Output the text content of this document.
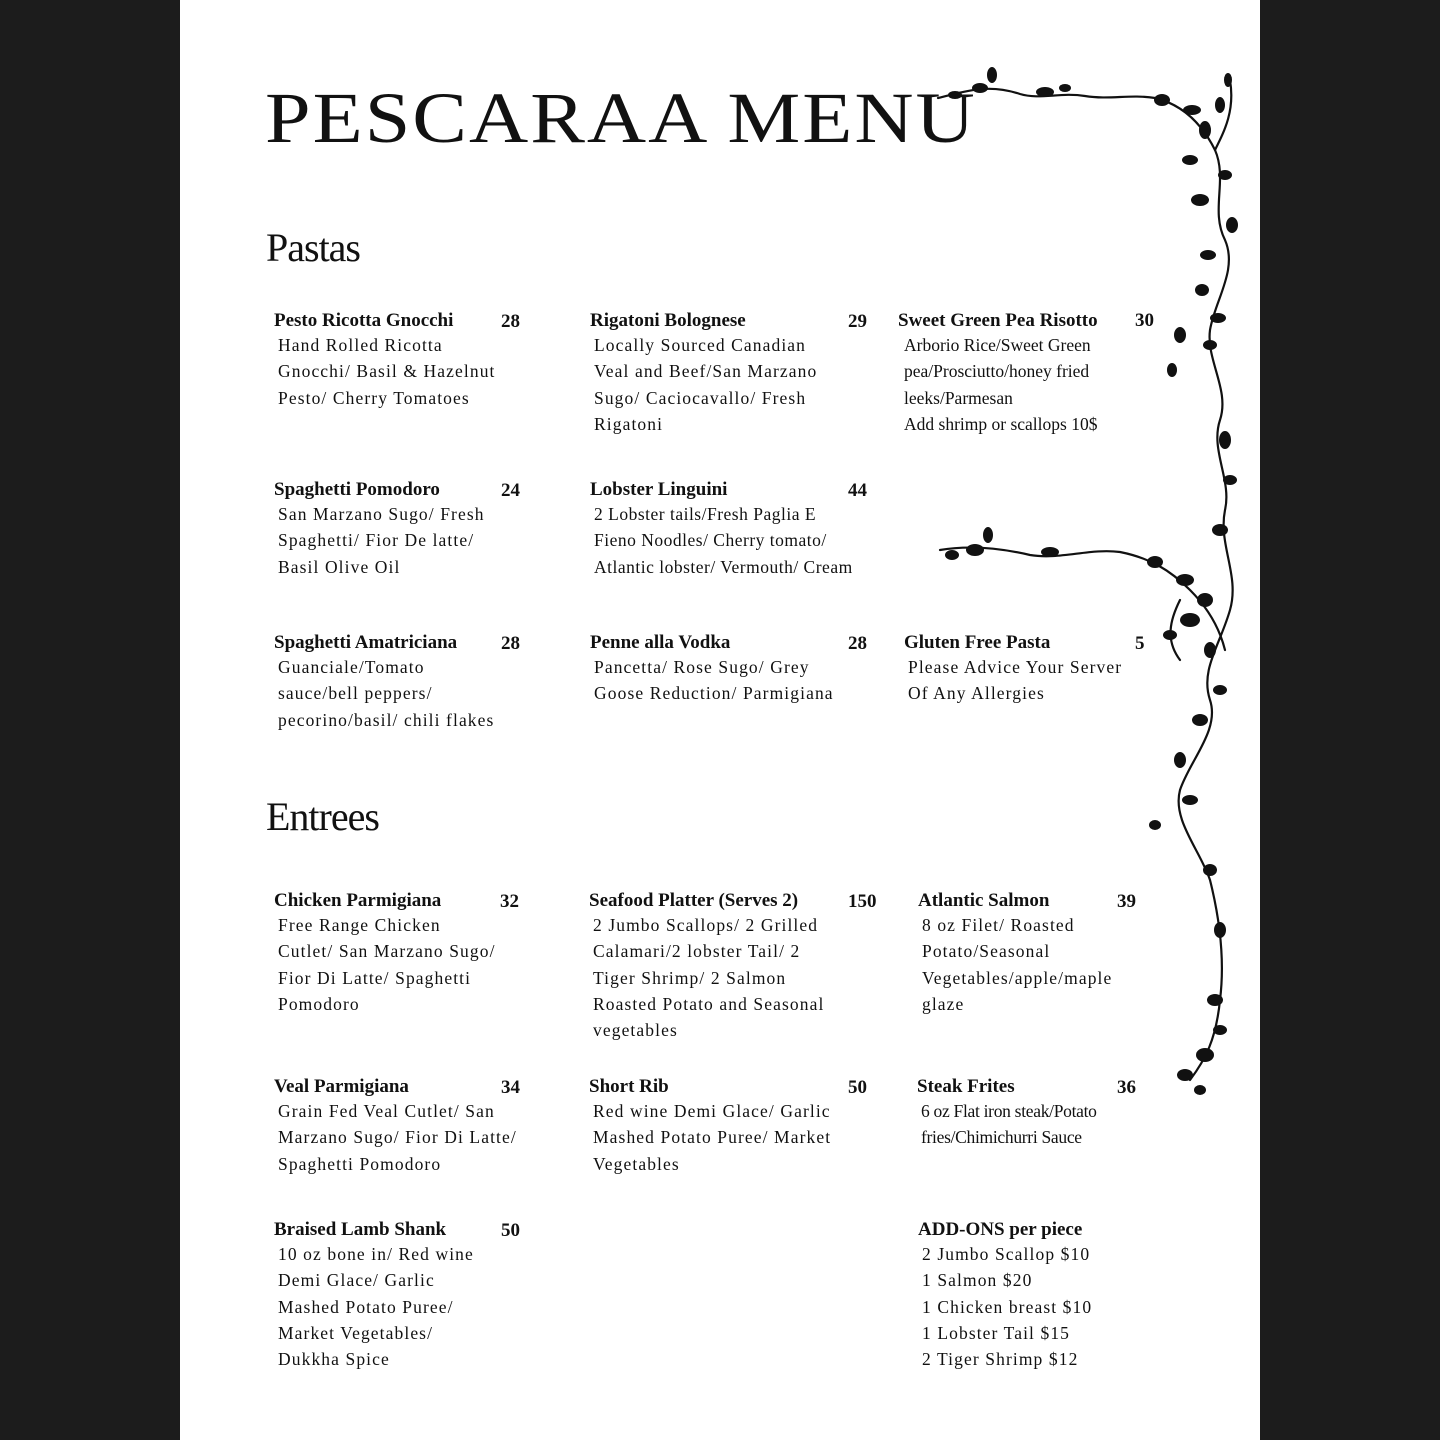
PESCARAA MENU
Pastas
Entrees
Pesto Ricotta Gnocchi	28
Hand Rolled Ricotta
Gnocchi/ Basil & Hazelnut
Pesto/ Cherry Tomatoes
Rigatoni Bolognese	29
Locally Sourced Canadian
Veal and Beef/San Marzano
Sugo/ Caciocavallo/ Fresh
Rigatoni
Sweet Green Pea Risotto 30
Arborio Rice/Sweet Green
pea/Prosciutto/honey fried
leeks/Parmesan
Add shrimp or scallops 10$
Spaghetti Pomodoro	24
San Marzano Sugo/ Fresh
Spaghetti/ Fior De latte/
Basil Olive Oil
Lobster Linguini	44
2 Lobster tails/Fresh Paglia E
Fieno Noodles/ Cherry tomato/
Atlantic lobster/ Vermouth/ Cream
Spaghetti Amatriciana 28
Guanciale/Tomato
sauce/bell peppers/
pecorino/basil/ chili flakes
Penne alla Vodka	28
Pancetta/ Rose Sugo/ Grey
Goose Reduction/ Parmigiana
Gluten Free Pasta	5
Please Advice Your Server
Of Any Allergies
Chicken Parmigiana	32
Free Range Chicken
Cutlet/ San Marzano Sugo/
Fior Di Latte/ Spaghetti
Pomodoro
Seafood Platter (Serves 2)	150
2 Jumbo Scallops/ 2 Grilled
Calamari/2 lobster Tail/ 2
Tiger Shrimp/ 2 Salmon
Roasted Potato and Seasonal
vegetables
Atlantic Salmon	39
8 oz Filet/ Roasted
Potato/Seasonal
Vegetables/apple/maple
glaze
Veal Parmigiana	34
Grain Fed Veal Cutlet/ San
Marzano Sugo/ Fior Di Latte/
Spaghetti Pomodoro
Short Rib	50
Red wine Demi Glace/ Garlic
Mashed Potato Puree/ Market
Vegetables
Steak Frites	36
6 oz Flat iron steak/Potato
fries/Chimichurri Sauce
Braised Lamb Shank	50
10 oz bone in/ Red wine
Demi Glace/ Garlic
Mashed Potato Puree/
Market Vegetables/
Dukkha Spice
ADD-ONS per piece
2 Jumbo Scallop $10
1 Salmon $20
1 Chicken breast $10
1 Lobster Tail $15
2 Tiger Shrimp $12
